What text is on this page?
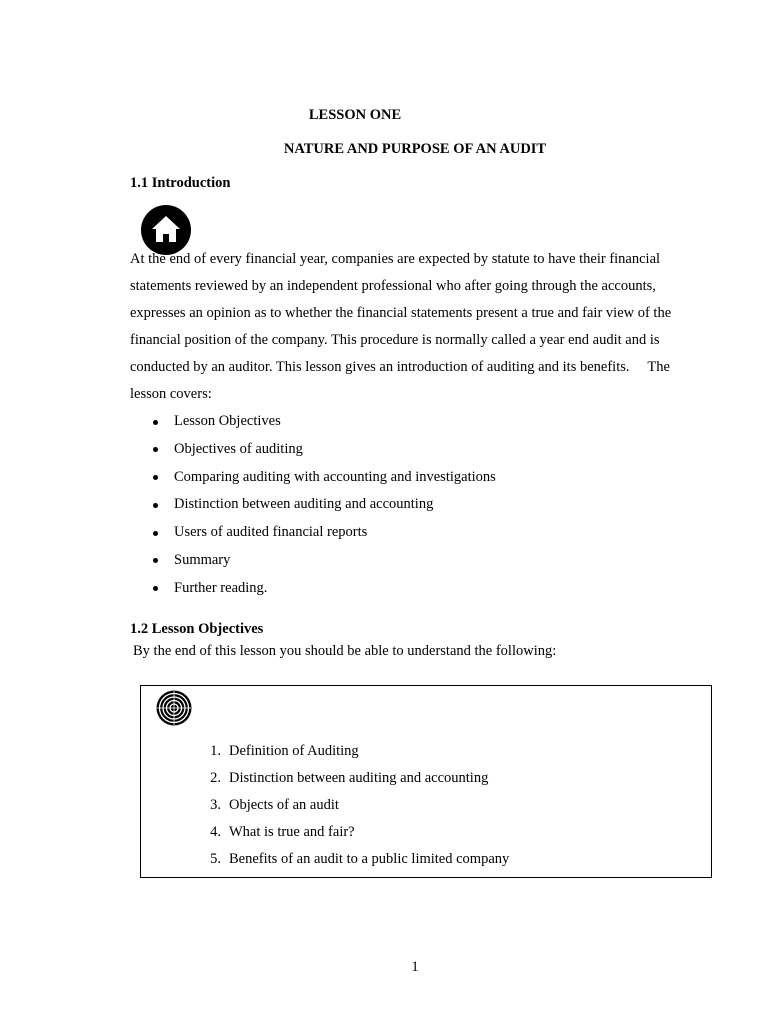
LESSON ONE
NATURE AND PURPOSE OF AN AUDIT
1.1 Introduction
At the end of every financial year, companies are expected by statute to have their financial
statements reviewed by an independent professional who after going through the accounts,
expresses an opinion as to whether the financial statements present a true and fair view of the
financial position of the company. This procedure is normally called a year end audit and is
conducted by an auditor. This lesson gives an introduction of auditing and its benefits.     The
lesson covers:
Lesson Objectives
Objectives of auditing
Comparing auditing with accounting and investigations
Distinction between auditing and accounting
Users of audited financial reports
Summary
Further reading.
1.2 Lesson Objectives
By the end of this lesson you should be able to understand the following:
1. Definition of Auditing
2. Distinction between auditing and accounting
3. Objects of an audit
4. What is true and fair?
5. Benefits of an audit to a public limited company
1
